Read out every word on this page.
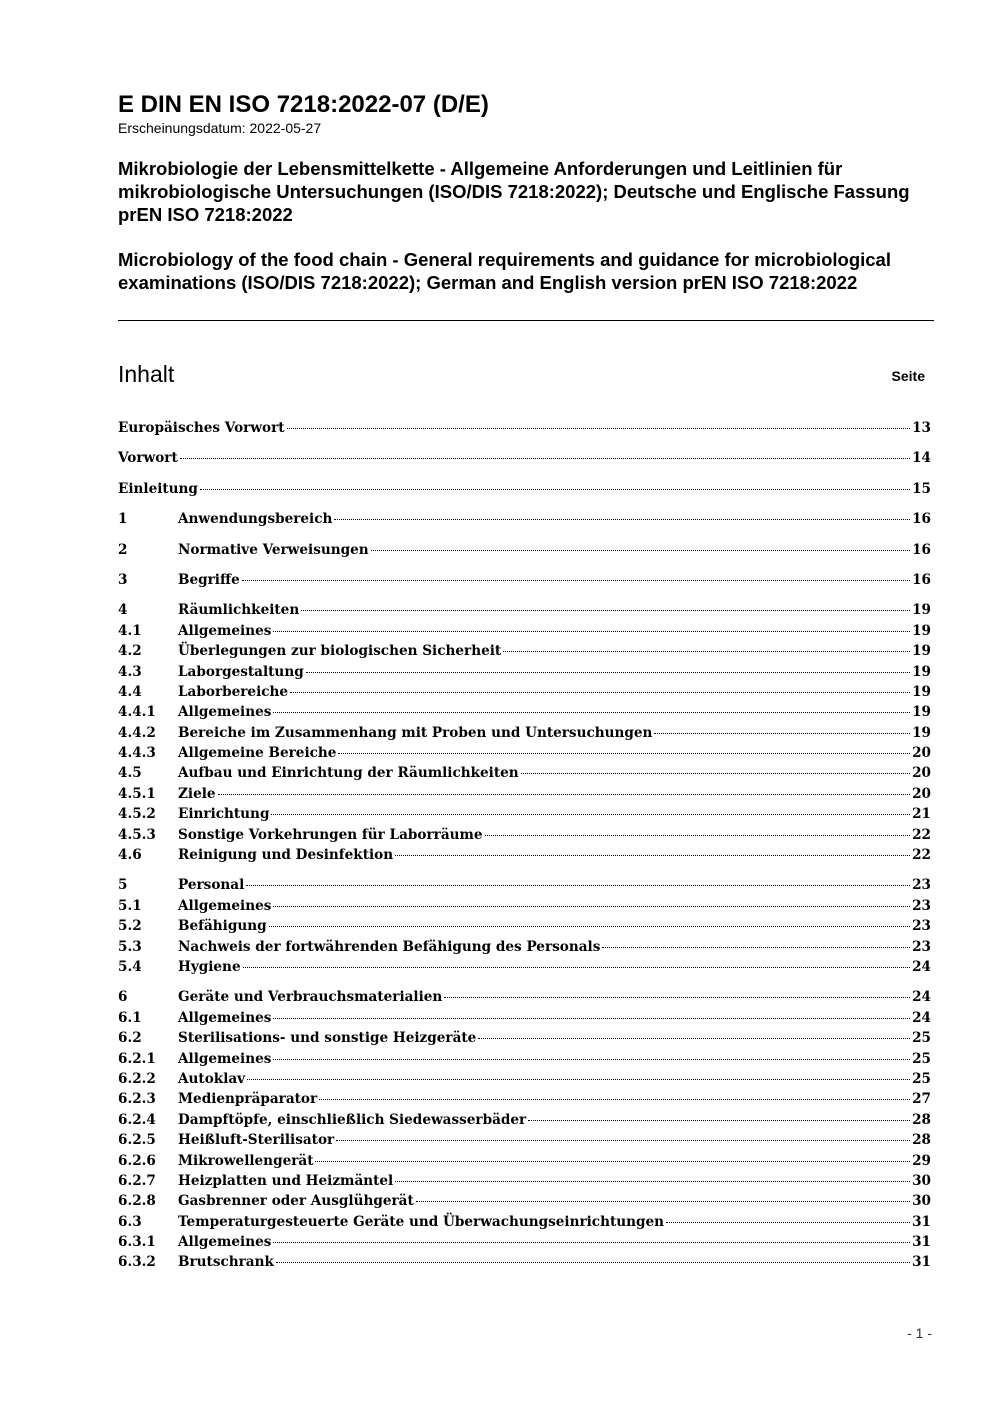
E DIN EN ISO 7218:2022-07 (D/E)

Erscheinungsdatum: 2022-05-27

Mikrobiologie der Lebensmittelkette - Allgemeine Anforderungen und Leitlinien für mikrobiologische Untersuchungen (ISO/DIS 7218:2022); Deutsche und Englische Fassung prEN ISO 7218:2022

Microbiology of the food chain - General requirements and guidance for microbiological examinations (ISO/DIS 7218:2022); German and English version prEN ISO 7218:2022

Inhalt	Seite
Europäisches Vorwort	13
Vorwort	14
Einleitung	15
1	Anwendungsbereich	16
2	Normative Verweisungen	16
3	Begriffe	16
4	Räumlichkeiten	19
4.1	Allgemeines	19
4.2	Überlegungen zur biologischen Sicherheit	19
4.3	Laborgestaltung	19
4.4	Laborbereiche	19
4.4.1	Allgemeines	19
4.4.2	Bereiche im Zusammenhang mit Proben und Untersuchungen	19
4.4.3	Allgemeine Bereiche	20
4.5	Aufbau und Einrichtung der Räumlichkeiten	20
4.5.1	Ziele	20
4.5.2	Einrichtung	21
4.5.3	Sonstige Vorkehrungen für Laborräume	22
4.6	Reinigung und Desinfektion	22
5	Personal	23
5.1	Allgemeines	23
5.2	Befähigung	23
5.3	Nachweis der fortwährenden Befähigung des Personals	23
5.4	Hygiene	24
6	Geräte und Verbrauchsmaterialien	24
6.1	Allgemeines	24
6.2	Sterilisations- und sonstige Heizgeräte	25
6.2.1	Allgemeines	25
6.2.2	Autoklav	25
6.2.3	Medienpräparator	27
6.2.4	Dampftöpfe, einschließlich Siedewasserbäder	28
6.2.5	Heißluft-Sterilisator	28
6.2.6	Mikrowellengerät	29
6.2.7	Heizplatten und Heizmäntel	30
6.2.8	Gasbrenner oder Ausglühgerät	30
6.3	Temperaturgesteuerte Geräte und Überwachungseinrichtungen	31
6.3.1	Allgemeines	31
6.3.2	Brutschrank	31
- 1 -
